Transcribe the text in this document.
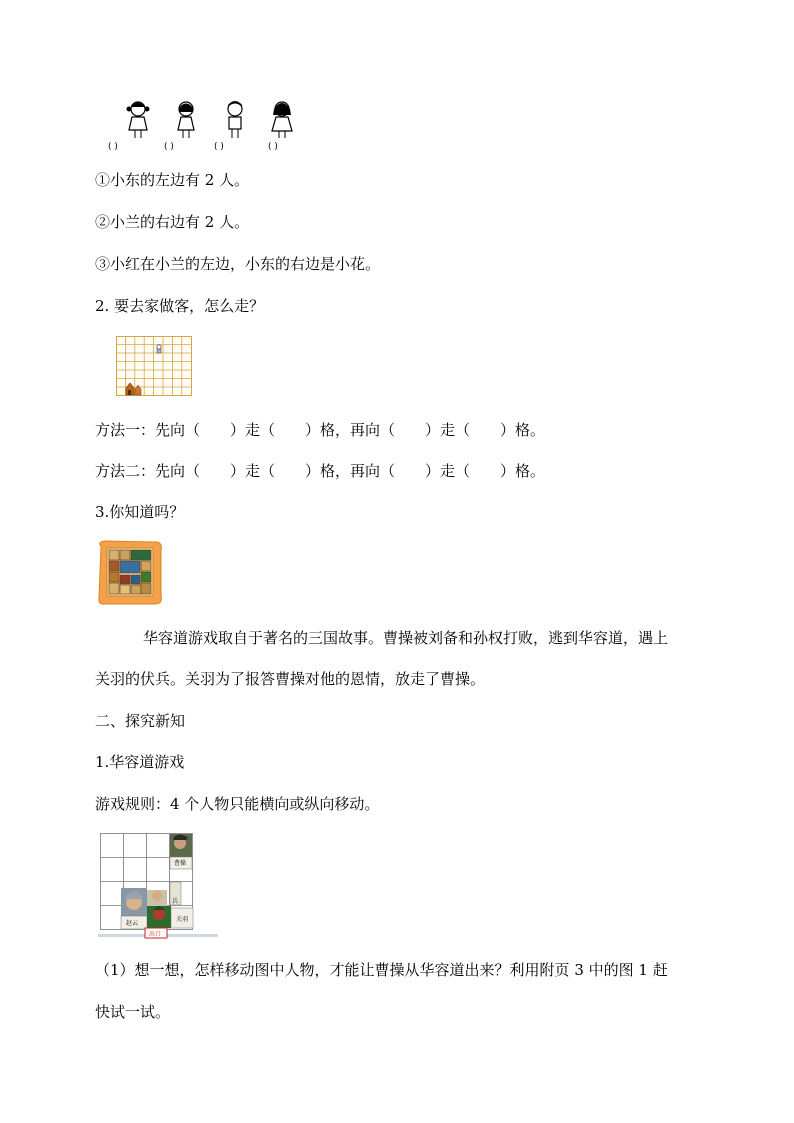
( )	( )	( )	( )
①小东的左边有 2 人。
②小兰的右边有 2 人。
③小红在小兰的左边，小东的右边是小花。
2. 要去家做客，怎么走？
方法一：先向（　　）走（　　）格，再向（　　）走（　　）格。
方法二：先向（　　）走（　　）格，再向（　　）走（　　）格。
3.你知道吗？
华容道游戏取自于著名的三国故事。曹操被刘备和孙权打败，逃到华容道，遇上
关羽的伏兵。关羽为了报答曹操对他的恩情，放走了曹操。
二、探究新知
1.华容道游戏
游戏规则：4 个人物只能横向或纵向移动。
曹操
兵
关羽
赵云
出口
（1）想一想，怎样移动图中人物，才能让曹操从华容道出来？利用附页 3 中的图 1 赶
快试一试。
